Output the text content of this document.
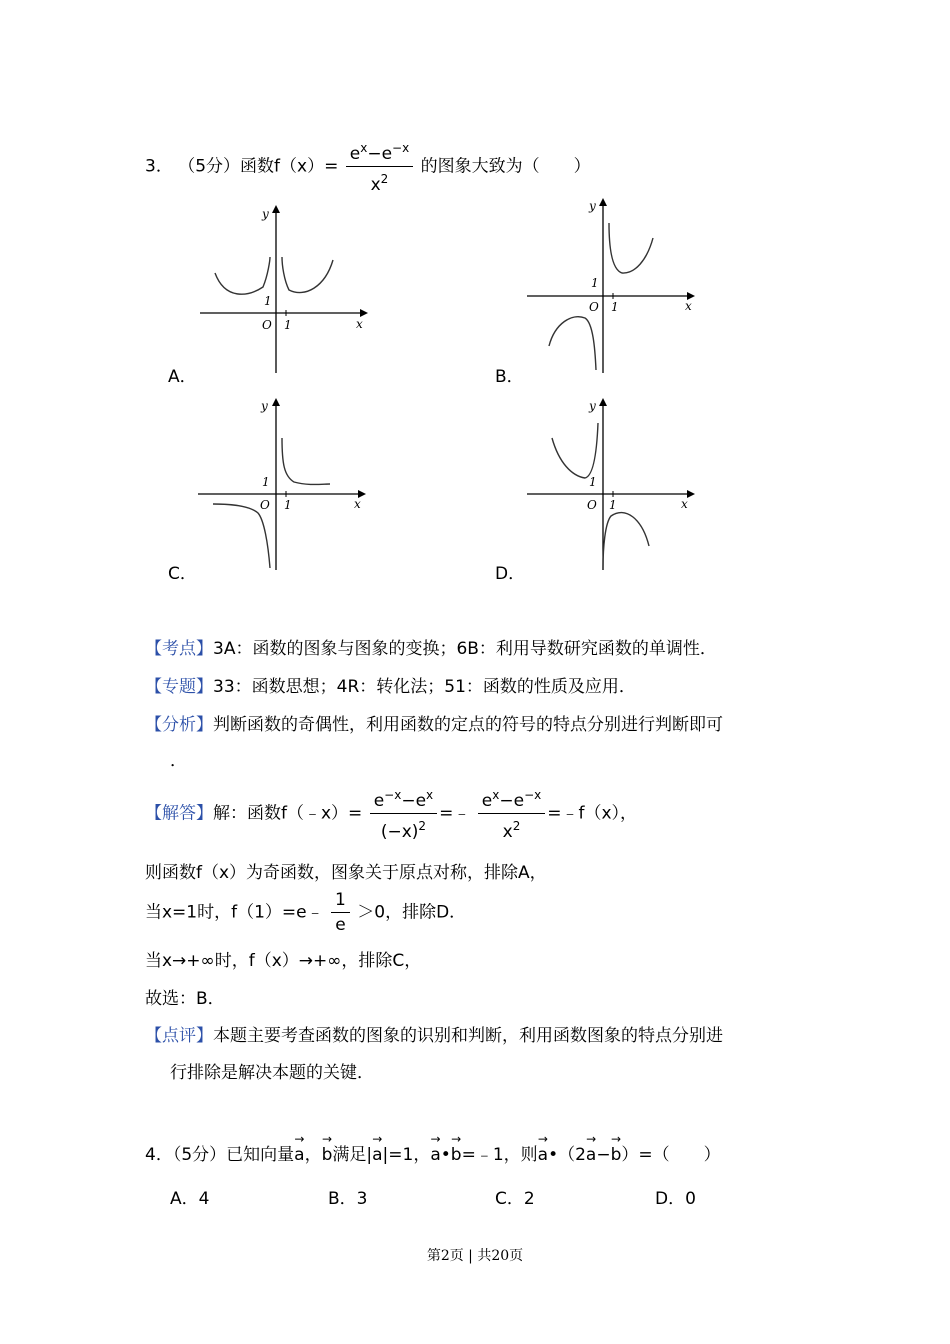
3． （5分）函数$f(x)= \frac{e^x-e^{-x}}{x^2}$ 的图象大致为（　　）
y
x
O 1
1
A．
y
x
O 1
1
B．
y
x
O 1
1
C．
y
x
O 1
1
D．
【考点】3A：函数的图象与图象的变换；6B：利用导数研究函数的单调性．
【专题】33：函数思想；4R：转化法；51：函数的性质及应用．
【分析】判断函数的奇偶性，利用函数的定点的符号的特点分别进行判断即可
．
【解答】解：函数f（﹣x）= $\frac{e^{-x}-e^x}{(-x)^2}$ =﹣ $\frac{e^x-e^{-x}}{x^2}$ =﹣f（x），
则函数f（x）为奇函数，图象关于原点对称，排除A，
当x=1时，f（1）=e﹣ $\frac{1}{e} >0$，排除D．
当x→+∞时，f（x）→+∞，排除C，
故选：B．
【点评】本题主要考查函数的图象的识别和判断，利用函数图象的特点分别进
行排除是解决本题的关键．
4．（5分）已知向量→ a，→ b满足|→ a|=1，→ a•→ b=﹣1，则→ a•（2→ a−→ b）=（　　）
A．4	B．3	C．2	D．0
第2页 | 共20页
